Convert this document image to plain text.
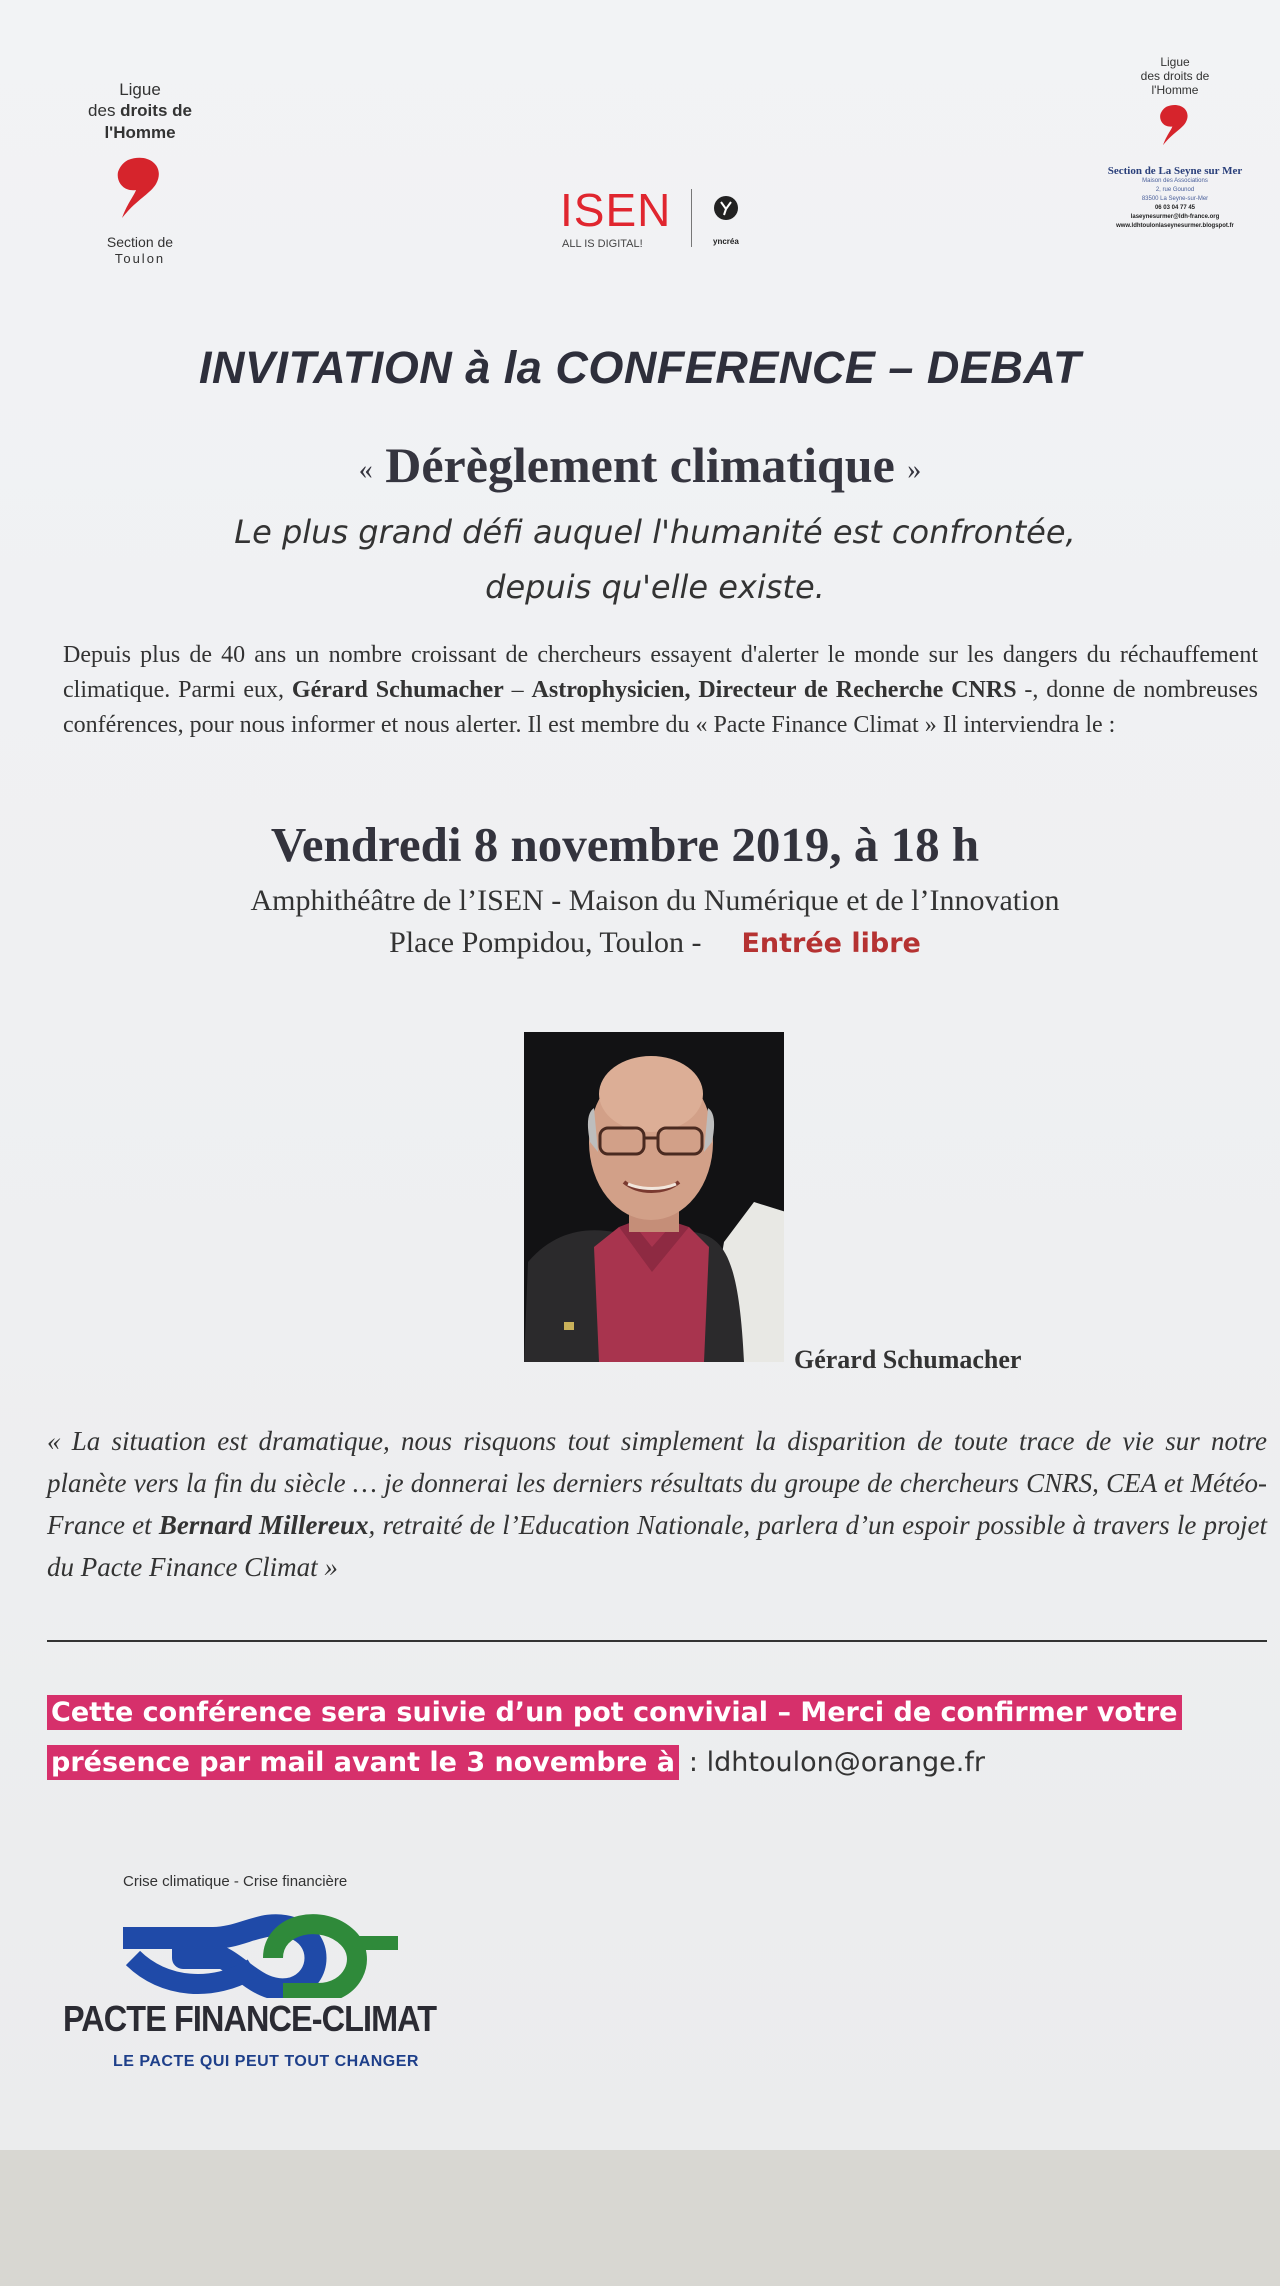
Ligue
des droits de
l'Homme
Section de
Toulon
ISEN
ALL IS DIGITAL!	yncréa
Ligue
des droits de
l'Homme
Section de La Seyne sur Mer
Maison des Associations
2, rue Gounod
83500 La Seyne-sur-Mer
06 03 04 77 45
laseynesurmer@ldh-france.org
www.ldhtoulonlaseynesurmer.blogspot.fr
INVITATION à la CONFERENCE – DEBAT
« Dérèglement climatique »
Le plus grand défi auquel l'humanité est confrontée,
depuis qu'elle existe.
Depuis plus de 40 ans un nombre croissant de chercheurs essayent d'alerter le monde sur les dangers du réchauffement climatique. Parmi eux, Gérard Schumacher – Astrophysicien, Directeur de Recherche CNRS -, donne de nombreuses conférences, pour nous informer et nous alerter. Il est membre du « Pacte Finance Climat » Il interviendra le :
Vendredi 8 novembre 2019, à 18 h
Amphithéâtre de l’ISEN - Maison du Numérique et de l’Innovation
Place Pompidou, Toulon - Entrée libre
Gérard Schumacher
« La situation est dramatique, nous risquons tout simplement la disparition de toute trace de vie sur notre planète vers la fin du siècle … je donnerai les derniers résultats du groupe de chercheurs CNRS, CEA et Météo-France et Bernard Millereux, retraité de l’Education Nationale, parlera d’un espoir possible à travers le projet du Pacte Finance Climat »
Cette conférence sera suivie d’un pot convivial – Merci de confirmer votre
présence par mail avant le 3 novembre à : ldhtoulon@orange.fr
Crise climatique - Crise financière
PACTE FINANCE-CLIMAT
LE PACTE QUI PEUT TOUT CHANGER
